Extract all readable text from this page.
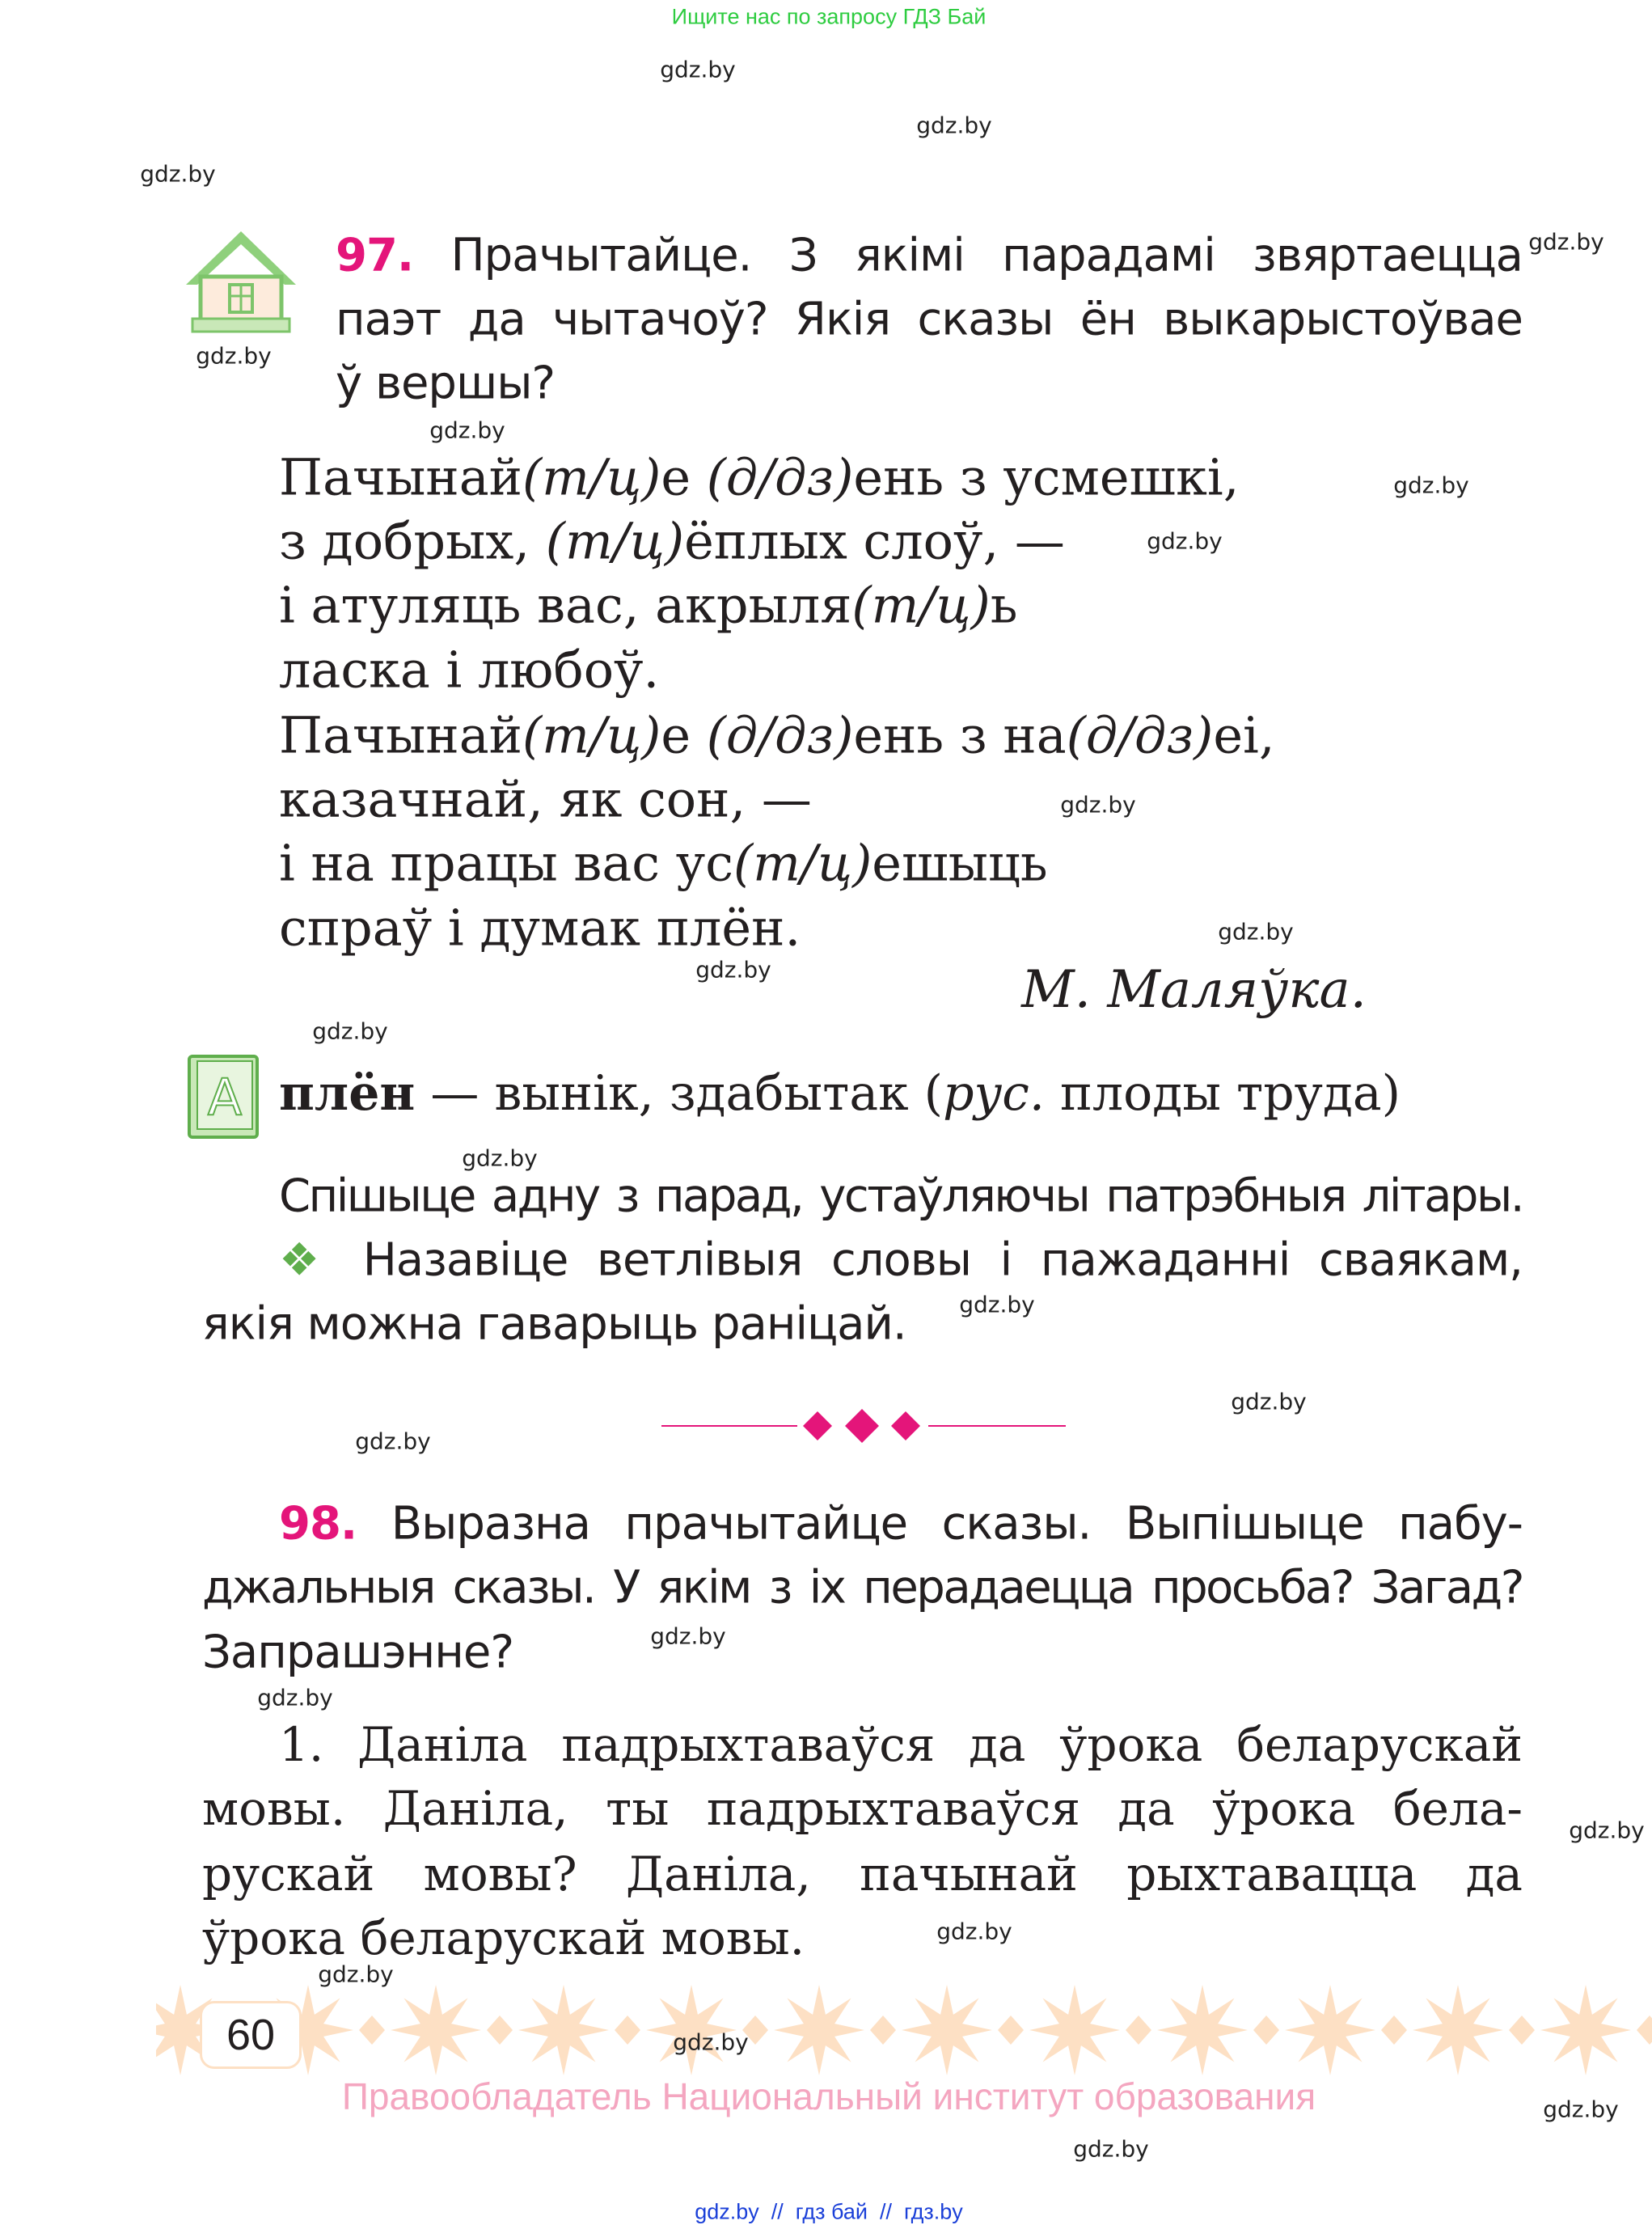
Ищите нас по запросу ГДЗ Бай
97. Прачытайце. З якімі парадамі звяртаецца
паэт да чытачоў? Якія сказы ён выкарыстоўвае
ў вершы?
Пачынай(т/ц)е (д/дз)ень з усмешкі,
з добрых, (т/ц)ёплых слоў, —
і атуляць вас, акрыля(т/ц)ь
ласка і любоў.
Пачынай(т/ц)е (д/дз)ень з на(д/дз)еі,
казачнай, як сон, —
і на працы вас ус(т/ц)ешыць
спраў і думак плён.
М. Маляўка.
A плён — вынік, здабытак (рус. плоды труда)
Спішыце адну з парад, устаўляючы патрэбныя літары.
❖ Назавіце ветлівыя словы і пажаданні сваякам,
якія можна гаварыць раніцай.
98. Выразна прачытайце сказы. Выпішыце пабу-
джальныя сказы. У якім з іх перадаецца просьба? Загад?
Запрашэнне?
1. Даніла падрыхтаваўся да ўрока беларускай
мовы. Даніла, ты падрыхтаваўся да ўрока бела-
рускай мовы? Даніла, пачынай рыхтавацца да
ўрока беларускай мовы.
60
Правообладатель Национальный институт образования
gdz.by  //  гдз бай  //  гдз.by
gdz.by
gdz.by
gdz.by
gdz.by
gdz.by
gdz.by
gdz.by
gdz.by
gdz.by
gdz.by
gdz.by
gdz.by
gdz.by
gdz.by
gdz.by
gdz.by
gdz.by
gdz.by
gdz.by
gdz.by
gdz.by
gdz.by
gdz.by
gdz.by
